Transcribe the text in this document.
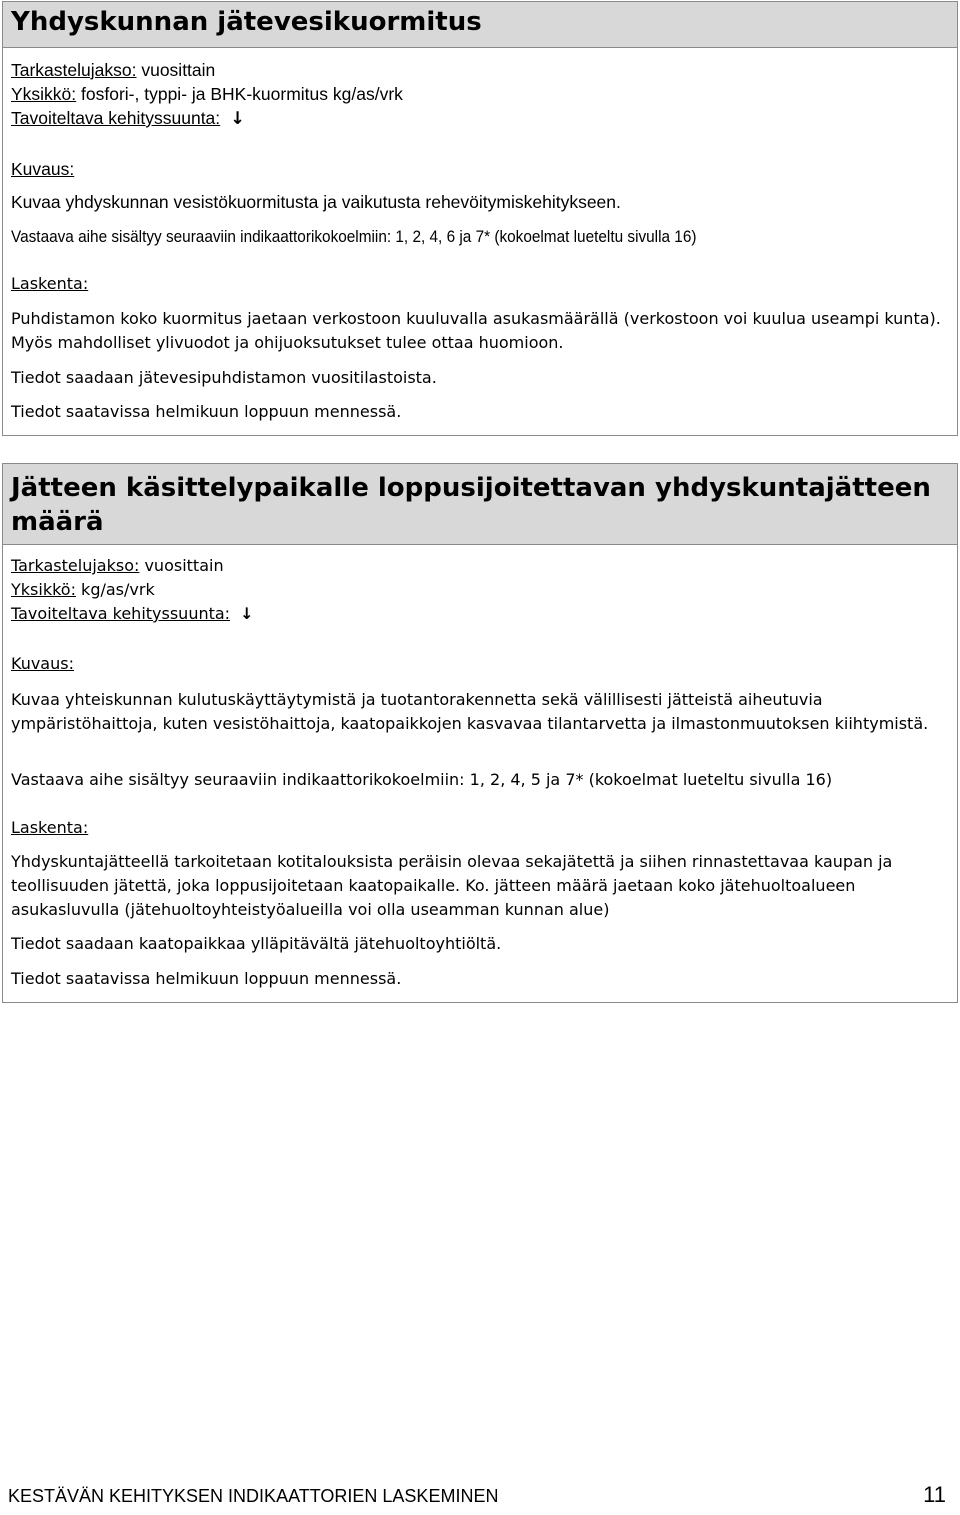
Yhdyskunnan jätevesikuormitus
Tarkastelujakso: vuosittain
Yksikkö: fosfori-, typpi- ja BHK-kuormitus kg/as/vrk
Tavoiteltava kehityssuunta: ↓
Kuvaus:
Kuvaa yhdyskunnan vesistökuormitusta ja vaikutusta rehevöitymiskehitykseen.
Vastaava aihe sisältyy seuraaviin indikaattorikokoelmiin: 1, 2, 4, 6 ja 7* (kokoelmat lueteltu sivulla 16)
Laskenta:
Puhdistamon koko kuormitus jaetaan verkostoon kuuluvalla asukasmäärällä (verkostoon voi kuulua useampi kunta). Myös mahdolliset ylivuodot ja ohijuoksutukset tulee ottaa huomioon.
Tiedot saadaan jätevesipuhdistamon vuositilastoista.
Tiedot saatavissa helmikuun loppuun mennessä.
Jätteen käsittelypaikalle loppusijoitettavan yhdyskuntajätteen määrä
Tarkastelujakso: vuosittain
Yksikkö: kg/as/vrk
Tavoiteltava kehityssuunta: ↓
Kuvaus:
Kuvaa yhteiskunnan kulutuskäyttäytymistä ja tuotantorakennetta sekä välillisesti jätteistä aiheutuvia ympäristöhaittoja, kuten vesistöhaittoja, kaatopaikkojen kasvavaa tilantarvetta ja ilmastonmuutoksen kiihtymistä.
Vastaava aihe sisältyy seuraaviin indikaattorikokoelmiin: 1, 2, 4, 5 ja 7* (kokoelmat lueteltu sivulla 16)
Laskenta:
Yhdyskuntajätteellä tarkoitetaan kotitalouksista peräisin olevaa sekajätettä ja siihen rinnastettavaa kaupan ja teollisuuden jätettä, joka loppusijoitetaan kaatopaikalle. Ko. jätteen määrä jaetaan koko jätehuoltoalueen asukasluvulla (jätehuoltoyhteistyöalueilla voi olla useamman kunnan alue)
Tiedot saadaan kaatopaikkaa ylläpitävältä jätehuoltoyhtiöltä.
Tiedot saatavissa helmikuun loppuun mennessä.
KESTÄVÄN KEHITYKSEN INDIKAATTORIEN LASKEMINEN	11
